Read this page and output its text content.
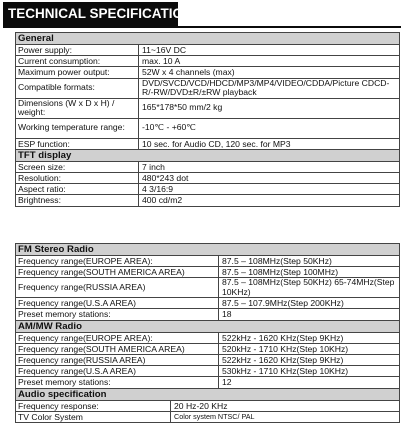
TECHNICAL SPECIFICATIONS
General	
Power supply:	11~16V DC
Current consumption:	max. 10 A
Maximum power output:	52W x 4 channels (max)
Compatible formats:	DVD/SVCD/VCD/HDCD/MP3/MP4/VIDEO/CDDA/Picture CDCD-R/-RW/DVD±R/±RW playback
Dimensions (W x D x H) / weight:	165*178*50 mm/2 kg
Working temperature range:	-10℃ - +60℃
ESP function:	10 sec. for Audio CD, 120 sec. for MP3
TFT display	
Screen size:	7 inch
Resolution:	480*243 dot
Aspect ratio:	4 3/16:9
Brightness:	400 cd/m2
FM Stereo Radio		
Frequency range(EUROPE AREA):		87.5 – 108MHz(Step 50KHz)
Frequency range(SOUTH AMERICA AREA)		87.5 – 108MHz(Step 100MHz)
Frequency range(RUSSIA AREA)		87.5 – 108MHz(Step 50KHz) 65-74MHz(Step 10KHz)
Frequency range(U.S.A AREA)		87.5 – 107.9MHz(Step 200KHz)
Preset memory stations:		18
AM/MW Radio		
Frequency range(EUROPE AREA):		522kHz - 1620 KHz(Step 9KHz)
Frequency range(SOUTH AMERICA AREA)		520kHz - 1710 KHz(Step 10KHz)
Frequency range(RUSSIA AREA)		522kHz - 1620 KHz(Step 9KHz)
Frequency range(U.S.A AREA)		530kHz - 1710 KHz(Step 10KHz)
Preset memory stations:		12
Audio specification		
Frequency response:	20 Hz-20 KHz	
TV Color System	Color system NTSC/ PAL	
